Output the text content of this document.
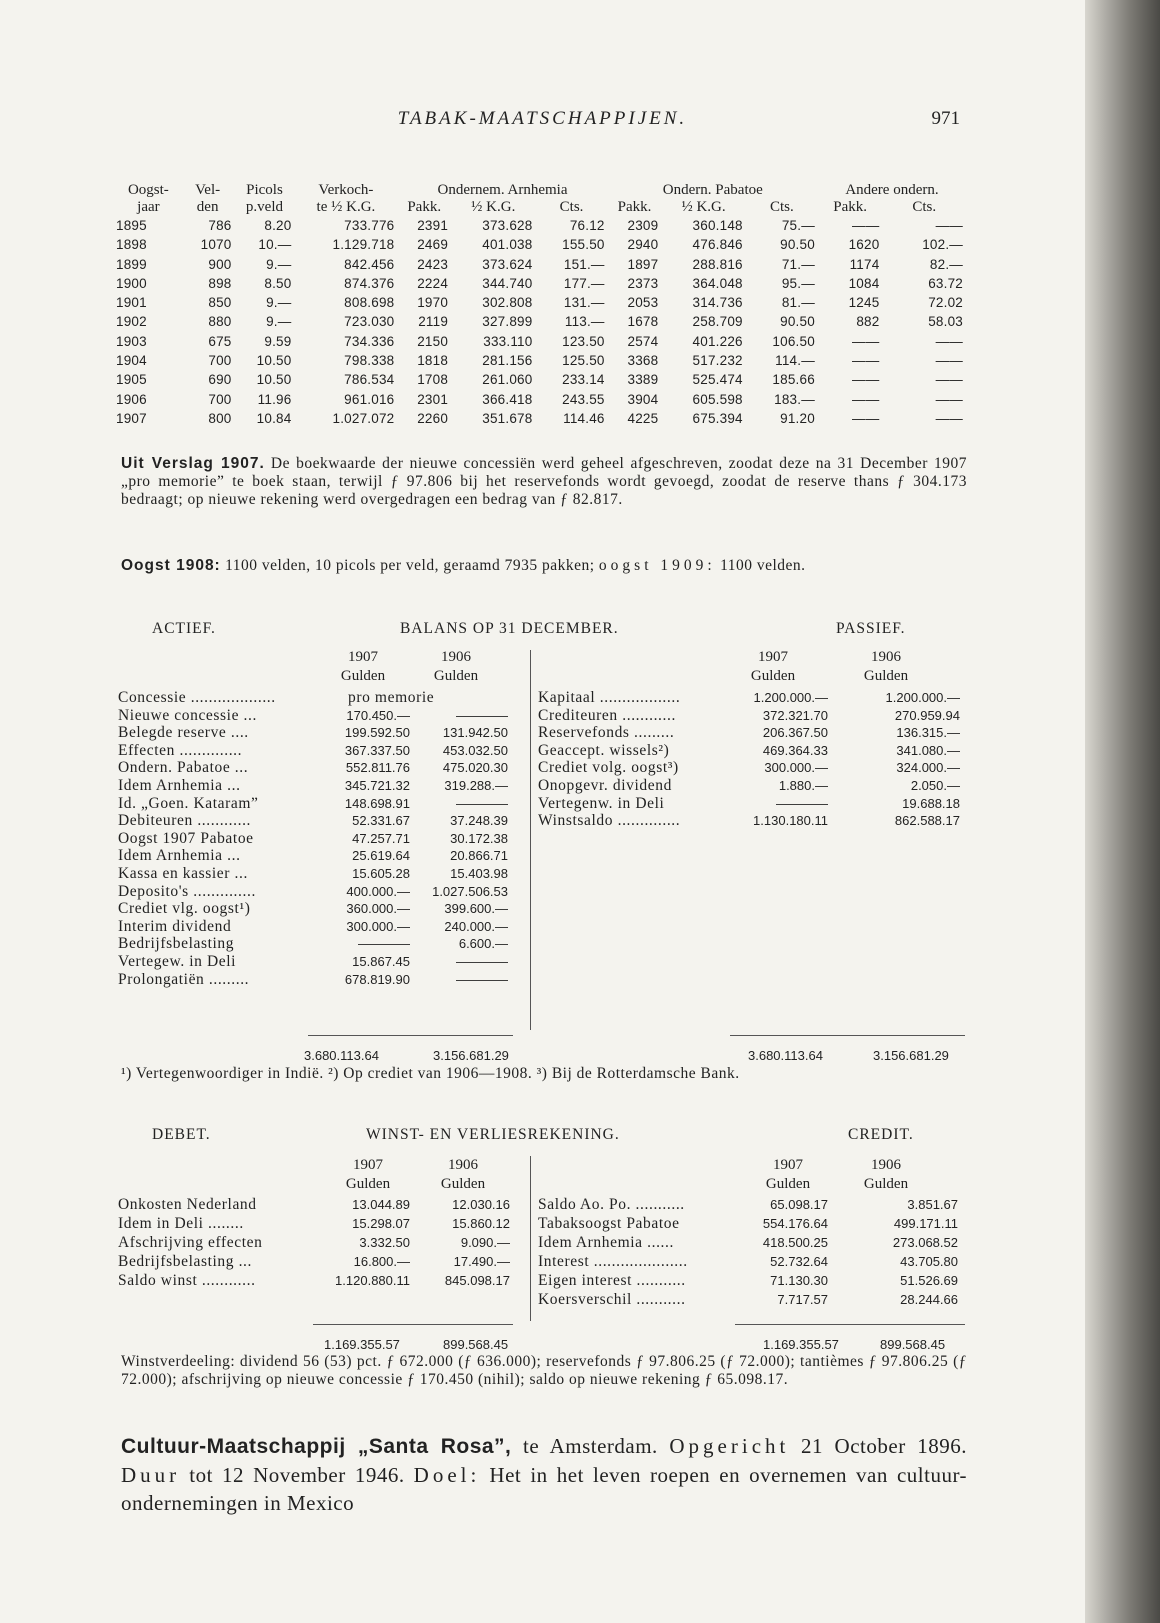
TABAK-MAATSCHAPPIJEN.	971
Oogst-	Vel-	Picols	Verkoch-	Ondernem. Arnhemia			Ondern. Pabatoe			Andere ondern.	
jaar	den	p.veld	te ½ K.G.	Pakk.	½ K.G.	Cts.	Pakk.	½ K.G.	Cts.	Pakk.	Cts.
1895	786	8.20	733.776	2391	373.628	76.12	2309	360.148	75.—	——	——
1898	1070	10.—	1.129.718	2469	401.038	155.50	2940	476.846	90.50	1620	102.—
1899	900	9.—	842.456	2423	373.624	151.—	1897	288.816	71.—	1174	82.—
1900	898	8.50	874.376	2224	344.740	177.—	2373	364.048	95.—	1084	63.72
1901	850	9.—	808.698	1970	302.808	131.—	2053	314.736	81.—	1245	72.02
1902	880	9.—	723.030	2119	327.899	113.—	1678	258.709	90.50	882	58.03
1903	675	9.59	734.336	2150	333.110	123.50	2574	401.226	106.50	——	——
1904	700	10.50	798.338	1818	281.156	125.50	3368	517.232	114.—	——	——
1905	690	10.50	786.534	1708	261.060	233.14	3389	525.474	185.66	——	——
1906	700	11.96	961.016	2301	366.418	243.55	3904	605.598	183.—	——	——
1907	800	10.84	1.027.072	2260	351.678	114.46	4225	675.394	91.20	——	——
Uit Verslag 1907. De boekwaarde der nieuwe concessiën werd geheel afgeschreven, zoodat deze na 31 December 1907 „pro memorie” te boek staan, terwijl ƒ 97.806 bij het reservefonds wordt gevoegd, zoodat de reserve thans ƒ 304.173 bedraagt; op nieuwe rekening werd overgedragen een bedrag van ƒ 82.817.
Oogst 1908: 1100 velden, 10 picols per veld, geraamd 7935 pakken; oogst 1909: 1100 velden.
ACTIEF.	BALANS OP 31 DECEMBER.	PASSIEF.
1907
Gulden
1906
Gulden
1907
Gulden
1906
Gulden
Concessie ...................	pro memorie
Nieuwe concessie ...	170.450.—	————
Belegde reserve ....	199.592.50	131.942.50
Effecten ..............	367.337.50	453.032.50
Ondern. Pabatoe ...	552.811.76	475.020.30
Idem Arnhemia ...	345.721.32	319.288.—
Id. „Goen. Kataram”	148.698.91	————
Debiteuren ............	52.331.67	37.248.39
Oogst 1907 Pabatoe	47.257.71	30.172.38
Idem Arnhemia ...	25.619.64	20.866.71
Kassa en kassier ...	15.605.28	15.403.98
Deposito's ..............	400.000.— 1.027.506.53
Crediet vlg. oogst¹)	360.000.—	399.600.—
Interim dividend	300.000.—	240.000.—
Bedrijfsbelasting	————	6.600.—
Vertegew. in Deli	15.867.45	————
Prolongatiën .........	678.819.90	————
Kapitaal ..................	1.200.000.—	1.200.000.—
Crediteuren ............	372.321.70	270.959.94
Reservefonds .........	206.367.50	136.315.—
Geaccept. wissels²)	469.364.33	341.080.—
Crediet volg. oogst³)	300.000.—	324.000.—
Onopgevr. dividend	1.880.—	2.050.—
Vertegenw. in Deli	————	19.688.18
Winstsaldo ..............	1.130.180.11	862.588.17
3.680.113.64	3.156.681.29	3.680.113.64	3.156.681.29
¹) Vertegenwoordiger in Indië. ²) Op crediet van 1906—1908. ³) Bij de Rotterdamsche Bank.
DEBET.	WINST- EN VERLIESREKENING.	CREDIT.
1907
Gulden
1906
Gulden
1907
Gulden
1906
Gulden
Onkosten Nederland	13.044.89	12.030.16
Idem in Deli ........	15.298.07	15.860.12
Afschrijving effecten	3.332.50	9.090.—
Bedrijfsbelasting ...	16.800.—	17.490.—
Saldo winst ............	1.120.880.11	845.098.17
Saldo Ao. Po. ...........	65.098.17	3.851.67
Tabaksoogst Pabatoe	554.176.64	499.171.11
Idem Arnhemia ......	418.500.25	273.068.52
Interest .....................	52.732.64	43.705.80
Eigen interest ...........	71.130.30	51.526.69
Koersverschil ...........	7.717.57	28.244.66
1.169.355.57	899.568.45	1.169.355.57	899.568.45
Winstverdeeling: dividend 56 (53) pct. ƒ 672.000 (ƒ 636.000); reservefonds ƒ 97.806.25 (ƒ 72.000); tantièmes ƒ 97.806.25 (ƒ 72.000); afschrijving op nieuwe concessie ƒ 170.450 (nihil); saldo op nieuwe rekening ƒ 65.098.17.
Cultuur-Maatschappij „Santa Rosa”, te Amsterdam. Opgericht 21 October 1896. Duur tot 12 November 1946. Doel: Het in het leven roepen en overnemen van cultuur-ondernemingen in Mexico
